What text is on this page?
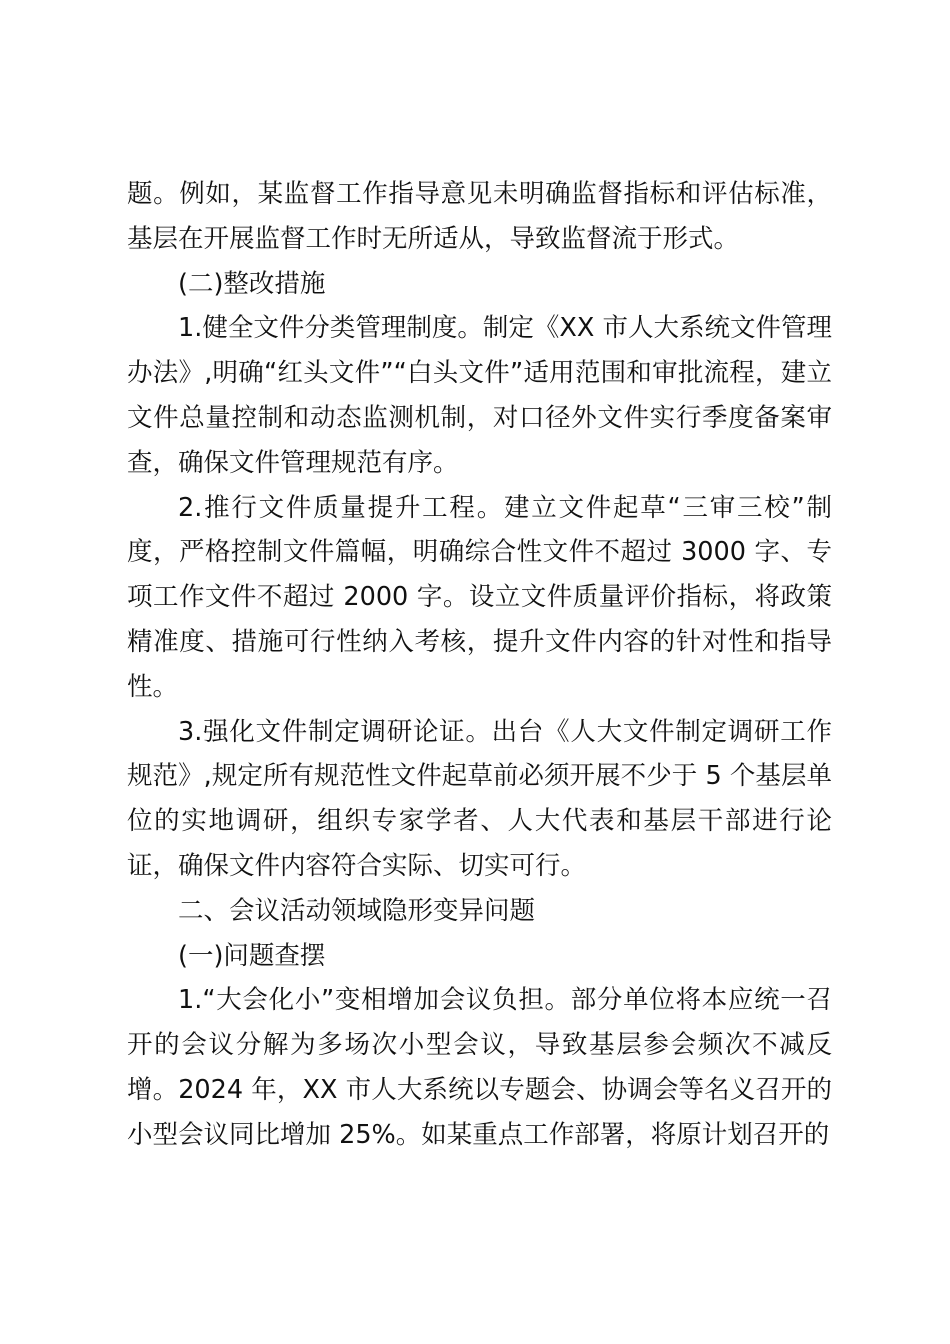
题。例如，某监督工作指导意见未明确监督指标和评估标准，基层在开展监督工作时无所适从，导致监督流于形式。

(二)整改措施

1.健全文件分类管理制度。制定《XX 市人大系统文件管理办法》,明确“红头文件”“白头文件”适用范围和审批流程，建立文件总量控制和动态监测机制，对口径外文件实行季度备案审查，确保文件管理规范有序。

2.推行文件质量提升工程。建立文件起草“三审三校”制度，严格控制文件篇幅，明确综合性文件不超过 3000 字、专项工作文件不超过 2000 字。设立文件质量评价指标，将政策精准度、措施可行性纳入考核，提升文件内容的针对性和指导性。

3.强化文件制定调研论证。出台《人大文件制定调研工作规范》,规定所有规范性文件起草前必须开展不少于 5 个基层单位的实地调研，组织专家学者、人大代表和基层干部进行论证，确保文件内容符合实际、切实可行。

二、会议活动领域隐形变异问题

(一)问题查摆

1.“大会化小”变相增加会议负担。部分单位将本应统一召开的会议分解为多场次小型会议，导致基层参会频次不减反增。2024 年，XX 市人大系统以专题会、协调会等名义召开的小型会议同比增加 25%。如某重点工作部署，将原计划召开的
